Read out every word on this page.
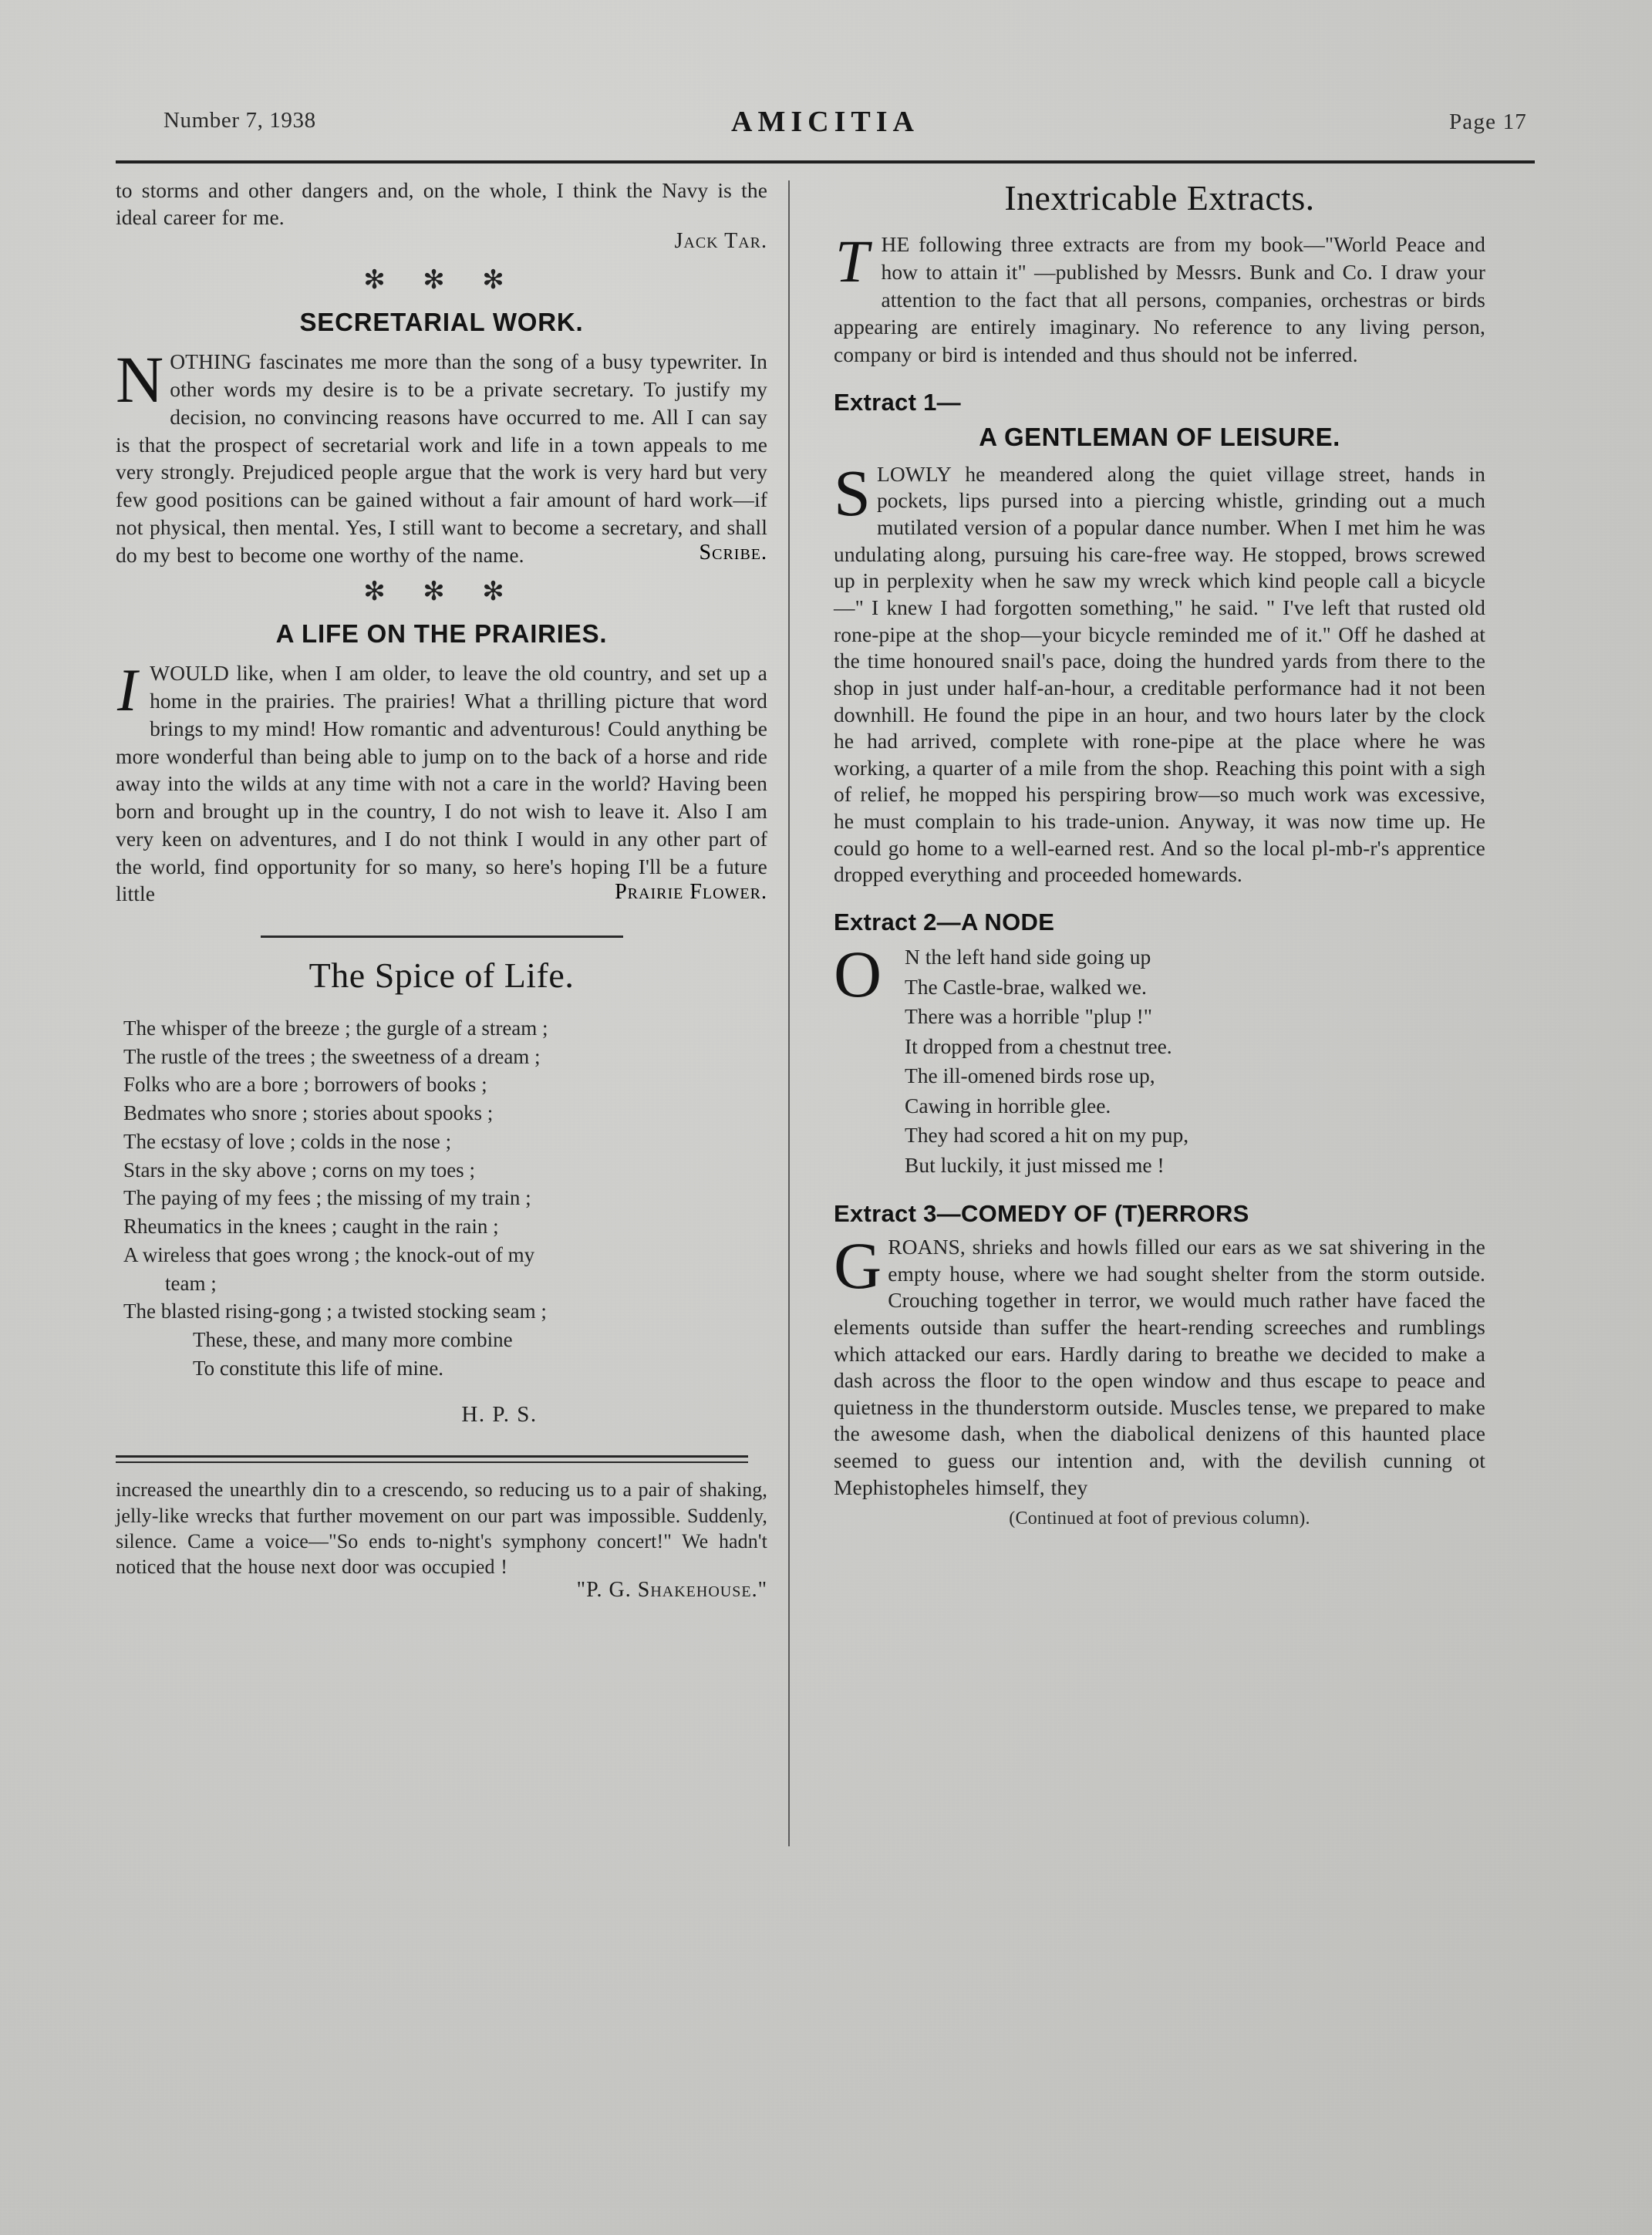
Number 7, 1938	AMICITIA	Page 17

to storms and other dangers and, on the whole, I think the Navy is the ideal career for me.

Jack Tar.
✻ ✻ ✻
SECRETARIAL WORK.

NOTHING fascinates me more than the song of a busy typewriter. In other words my desire is to be a private secretary. To justify my decision, no convincing reasons have occurred to me. All I can say is that the prospect of secretarial work and life in a town appeals to me very strongly. Prejudiced people argue that the work is very hard but very few good positions can be gained without a fair amount of hard work—if not physical, then mental. Yes, I still want to become a secretary, and shall do my best to become one worthy of the name.	Scribe.
✻ ✻ ✻
A LIFE ON THE PRAIRIES.

IWOULD like, when I am older, to leave the old country, and set up a home in the prairies. The prairies! What a thrilling picture that word brings to my mind! How romantic and adventurous! Could anything be more wonderful than being able to jump on to the back of a horse and ride away into the wilds at any time with not a care in the world? Having been born and brought up in the country, I do not wish to leave it. Also I am very keen on adventures, and I do not think I would in any other part of the world, find opportunity for so many, so here's hoping I'll be a future little	Prairie Flower.
The Spice of Life.
The whisper of the breeze ; the gurgle of a stream ;
The rustle of the trees ; the sweetness of a dream ;
Folks who are a bore ; borrowers of books ;
Bedmates who snore ; stories about spooks ;
The ecstasy of love ; colds in the nose ;
Stars in the sky above ; corns on my toes ;
The paying of my fees ; the missing of my train ;
Rheumatics in the knees ; caught in the rain ;
A wireless that goes wrong ; the knock-out of my
team ;
The blasted rising-gong ; a twisted stocking seam ;
These, these, and many more combine
To constitute this life of mine.
H. P. S.

increased the unearthly din to a crescendo, so reducing us to a pair of shaking, jelly-like wrecks that further movement on our part was impossible. Suddenly, silence. Came a voice—"So ends to-night's symphony concert!" We hadn't noticed that the house next door was occupied !

"P. G. Shakehouse."
Inextricable Extracts.

THE following three extracts are from my book—"World Peace and how to attain it" —published by Messrs. Bunk and Co. I draw your attention to the fact that all persons, companies, orchestras or birds appearing are entirely imaginary. No reference to any living person, company or bird is intended and thus should not be inferred.

Extract 1—
A GENTLEMAN OF LEISURE.

SLOWLY he meandered along the quiet village street, hands in pockets, lips pursed into a piercing whistle, grinding out a much mutilated version of a popular dance number. When I met him he was undulating along, pursuing his care-free way. He stopped, brows screwed up in perplexity when he saw my wreck which kind people call a bicycle—" I knew I had forgotten something," he said. " I've left that rusted old rone-pipe at the shop—your bicycle reminded me of it.'' Off he dashed at the time honoured snail's pace, doing the hundred yards from there to the shop in just under half-an-hour, a creditable performance had it not been downhill. He found the pipe in an hour, and two hours later by the clock he had arrived, complete with rone-pipe at the place where he was working, a quarter of a mile from the shop. Reaching this point with a sigh of relief, he mopped his perspiring brow—so much work was excessive, he must complain to his trade-union. Anyway, it was now time up. He could go home to a well-earned rest. And so the local pl-mb-r's apprentice dropped everything and proceeded homewards.

Extract 2—A NODE
O N the left hand side going up
The Castle-brae, walked we.
There was a horrible "plup !"
It dropped from a chestnut tree.
The ill-omened birds rose up,
Cawing in horrible glee.
They had scored a hit on my pup,
But luckily, it just missed me !
Extract 3—COMEDY OF (T)ERRORS

GROANS, shrieks and howls filled our ears as we sat shivering in the empty house, where we had sought shelter from the storm outside. Crouching together in terror, we would much rather have faced the elements outside than suffer the heart-rending screeches and rumblings which attacked our ears. Hardly daring to breathe we decided to make a dash across the floor to the open window and thus escape to peace and quietness in the thunderstorm outside. Muscles tense, we prepared to make the awesome dash, when the diabolical denizens of this haunted place seemed to guess our intention and, with the devilish cunning ot Mephistopheles himself, they

(Continued at foot of previous column).
